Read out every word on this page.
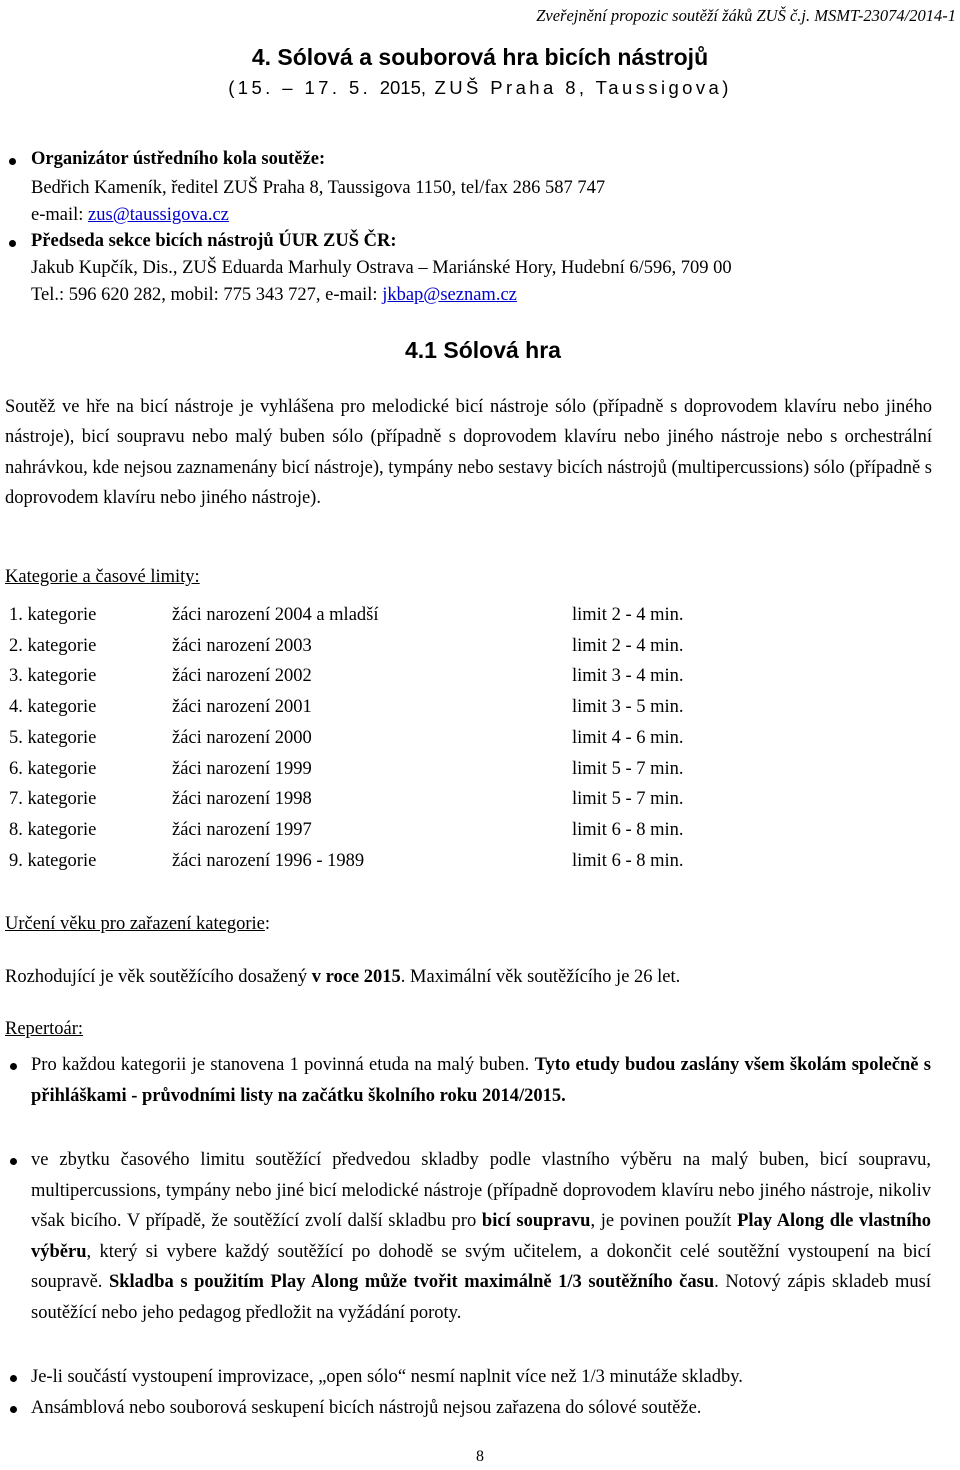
Zveřejnění propozic soutěží žáků ZUŠ č.j. MSMT-23074/2014-1
4. Sólová a souborová hra bicích nástrojů
(15. – 17. 5. 2015, ZUŠ Praha 8, Taussigova)
Organizátor ústředního kola soutěže:
Bedřich Kameník, ředitel ZUŠ Praha 8, Taussigova 1150, tel/fax 286 587 747
e-mail: zus@taussigova.cz
Předseda sekce bicích nástrojů ÚUR ZUŠ ČR:
Jakub Kupčík, Dis., ZUŠ Eduarda Marhuly Ostrava – Mariánské Hory, Hudební 6/596, 709 00
Tel.: 596 620 282, mobil: 775 343 727, e-mail: jkbap@seznam.cz
4.1 Sólová hra
Soutěž ve hře na bicí nástroje je vyhlášena pro melodické bicí nástroje sólo (případně s doprovodem klavíru nebo jiného nástroje), bicí soupravu nebo malý buben sólo (případně s doprovodem klavíru nebo jiného nástroje nebo s orchestrální nahrávkou, kde nejsou zaznamenány bicí nástroje), tympány nebo sestavy bicích nástrojů (multipercussions) sólo (případně s doprovodem klavíru nebo jiného nástroje).
Kategorie a časové limity:
1. kategorie	žáci narození 2004 a mladší	limit 2 - 4 min.
2. kategorie	žáci narození 2003	limit 2 - 4 min.
3. kategorie	žáci narození 2002	limit 3 - 4 min.
4. kategorie	žáci narození 2001	limit 3 - 5 min.
5. kategorie	žáci narození 2000	limit 4 - 6 min.
6. kategorie	žáci narození 1999	limit 5 - 7 min.
7. kategorie	žáci narození 1998	limit 5 - 7 min.
8. kategorie	žáci narození 1997	limit 6 - 8 min.
9. kategorie	žáci narození 1996 - 1989	limit 6 - 8 min.
Určení věku pro zařazení kategorie:
Rozhodující je věk soutěžícího dosažený v roce 2015. Maximální věk soutěžícího je 26 let.
Repertoár:
Pro každou kategorii je stanovena 1 povinná etuda na malý buben. Tyto etudy budou zaslány všem školám společně s přihláškami - průvodními listy na začátku školního roku 2014/2015.
ve zbytku časového limitu soutěžící předvedou skladby podle vlastního výběru na malý buben, bicí soupravu, multipercussions, tympány nebo jiné bicí melodické nástroje (případně doprovodem klavíru nebo jiného nástroje, nikoliv však bicího. V případě, že soutěžící zvolí další skladbu pro bicí soupravu, je povinen použít Play Along dle vlastního výběru, který si vybere každý soutěžící po dohodě se svým učitelem, a dokončit celé soutěžní vystoupení na bicí soupravě. Skladba s použitím Play Along může tvořit maximálně 1/3 soutěžního času. Notový zápis skladeb musí soutěžící nebo jeho pedagog předložit na vyžádání poroty.
Je-li součástí vystoupení improvizace, „open sólo“ nesmí naplnit více než 1/3 minutáže skladby.
Ansámblová nebo souborová seskupení bicích nástrojů nejsou zařazena do sólové soutěže.
8
